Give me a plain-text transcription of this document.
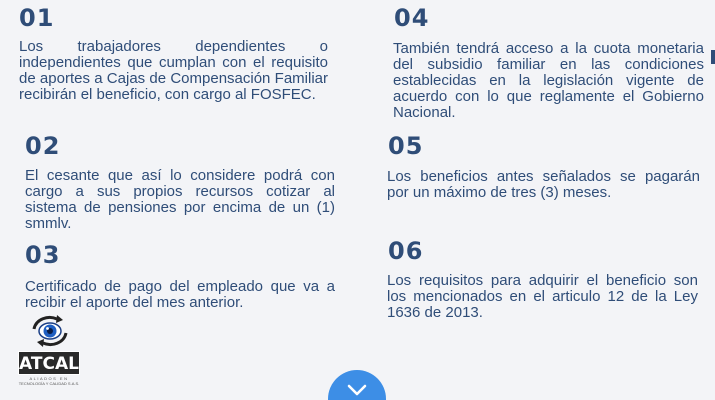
01

Los trabajadores dependientes o independientes que cumplan con el requisito de aportes a Cajas de Compensación Familiar recibirán el beneficio, con cargo al FOSFEC.

02

El cesante que así lo considere podrá con cargo a sus propios recursos cotizar al sistema de pensiones por encima de un (1) smmlv.

03

Certificado de pago del empleado que va a recibir el aporte del mes anterior.

04

También tendrá acceso a la cuota monetaria del subsidio familiar en las condiciones establecidas en la legislación vigente de acuerdo con lo que reglamente el Gobierno Nacional.

05

Los beneficios antes señalados se pagarán por un máximo de tres (3) meses.

06

Los requisitos para adquirir el beneficio son los mencionados en el articulo 12 de la Ley 1636 de 2013.

ATCAL
ALIADOS EN
TECNOLOGÍA Y CALIDAD S.A.S.
